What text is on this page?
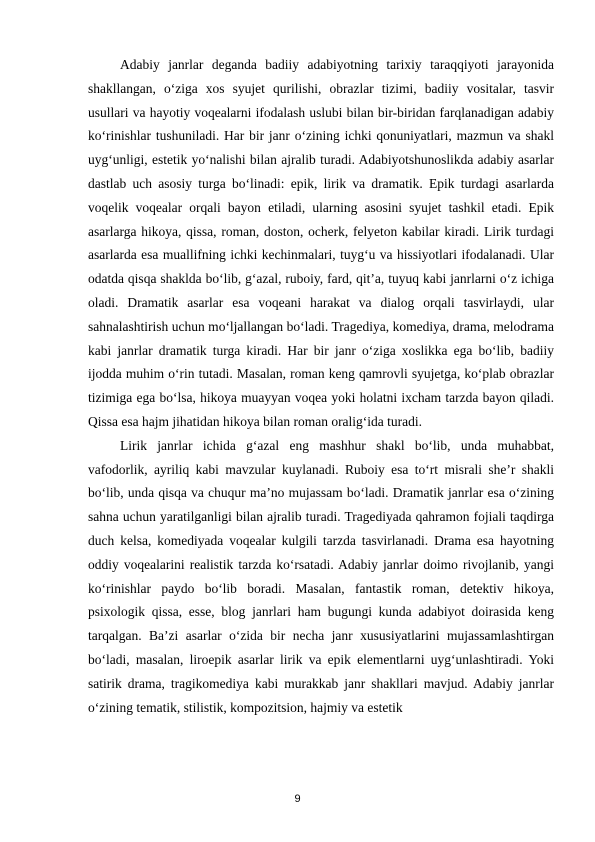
Adabiy janrlar deganda badiiy adabiyotning tarixiy taraqqiyoti jarayonida shakllangan, o‘ziga xos syujet qurilishi, obrazlar tizimi, badiiy vositalar, tasvir usullari va hayotiy voqealarni ifodalash uslubi bilan bir-biridan farqlanadigan adabiy ko‘rinishlar tushuniladi. Har bir janr o‘zining ichki qonuniyatlari, mazmun va shakl uyg‘unligi, estetik yo‘nalishi bilan ajralib turadi. Adabiyotshunoslikda adabiy asarlar dastlab uch asosiy turga bo‘linadi: epik, lirik va dramatik. Epik turdagi asarlarda voqelik voqealar orqali bayon etiladi, ularning asosini syujet tashkil etadi. Epik asarlarga hikoya, qissa, roman, doston, ocherk, felyeton kabilar kiradi. Lirik turdagi asarlarda esa muallifning ichki kechinmalari, tuyg‘u va hissiyotlari ifodalanadi. Ular odatda qisqa shaklda bo‘lib, g‘azal, ruboiy, fard, qit’a, tuyuq kabi janrlarni o‘z ichiga oladi. Dramatik asarlar esa voqeani harakat va dialog orqali tasvirlaydi, ular sahnalashtirish uchun mo‘ljallangan bo‘ladi. Tragediya, komediya, drama, melodrama kabi janrlar dramatik turga kiradi. Har bir janr o‘ziga xoslikka ega bo‘lib, badiiy ijodda muhim o‘rin tutadi. Masalan, roman keng qamrovli syujetga, ko‘plab obrazlar tizimiga ega bo‘lsa, hikoya muayyan voqea yoki holatni ixcham tarzda bayon qiladi. Qissa esa hajm jihatidan hikoya bilan roman oralig‘ida turadi.

Lirik janrlar ichida g‘azal eng mashhur shakl bo‘lib, unda muhabbat, vafodorlik, ayriliq kabi mavzular kuylanadi. Ruboiy esa to‘rt misrali she’r shakli bo‘lib, unda qisqa va chuqur ma’no mujassam bo‘ladi. Dramatik janrlar esa o‘zining sahna uchun yaratilganligi bilan ajralib turadi. Tragediyada qahramon fojiali taqdirga duch kelsa, komediyada voqealar kulgili tarzda tasvirlanadi. Drama esa hayotning oddiy voqealarini realistik tarzda ko‘rsatadi. Adabiy janrlar doimo rivojlanib, yangi ko‘rinishlar paydo bo‘lib boradi. Masalan, fantastik roman, detektiv hikoya, psixologik qissa, esse, blog janrlari ham bugungi kunda adabiyot doirasida keng tarqalgan. Ba’zi asarlar o‘zida bir necha janr xususiyatlarini mujassamlashtirgan bo‘ladi, masalan, liroepik asarlar lirik va epik elementlarni uyg‘unlashtiradi. Yoki satirik drama, tragikomediya kabi murakkab janr shakllari mavjud. Adabiy janrlar o‘zining tematik, stilistik, kompozitsion, hajmiy va estetik

9
